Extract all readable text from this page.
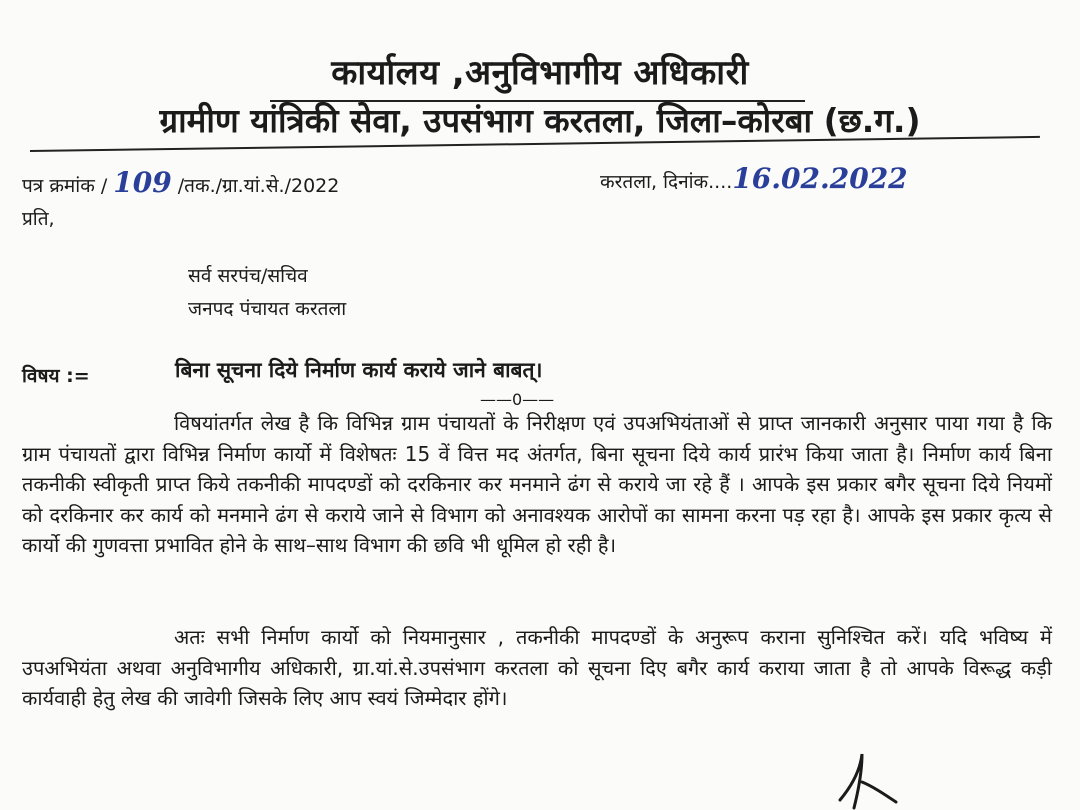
कार्यालय ,अनुविभागीय अधिकारी
ग्रामीण यांत्रिकी सेवा, उपसंभाग करतला, जिला–कोरबा (छ.ग.)
पत्र क्रमांक / 109 /तक./ग्रा.यां.से./2022	करतला, दिनांक....16.02.2022
प्रति,
सर्व सरपंच/सचिव
जनपद पंचायत करतला
विषय :=	बिना सूचना दिये निर्माण कार्य कराये जाने बाबत्।
——0——
विषयांतर्गत लेख है कि विभिन्न ग्राम पंचायतों के निरीक्षण एवं उपअभियंताओं से प्राप्त जानकारी अनुसार पाया गया है कि ग्राम पंचायतों द्वारा विभिन्न निर्माण कार्यो में विशेषतः 15 वें वित्त मद अंतर्गत, बिना सूचना दिये कार्य प्रारंभ किया जाता है। निर्माण कार्य बिना तकनीकी स्वीकृती प्राप्त किये तकनीकी मापदण्डों को दरकिनार कर मनमाने ढंग से कराये जा रहे हैं । आपके इस प्रकार बगैर सूचना दिये नियमों को दरकिनार कर कार्य को मनमाने ढंग से कराये जाने से विभाग को अनावश्यक आरोपों का सामना करना पड़ रहा है। आपके इस प्रकार कृत्य से कार्यो की गुणवत्ता प्रभावित होने के साथ–साथ विभाग की छवि भी धूमिल हो रही है।
अतः सभी निर्माण कार्यो को नियमानुसार , तकनीकी मापदण्डों के अनुरूप कराना सुनिश्चित करें। यदि भविष्य में उपअभियंता अथवा अनुविभागीय अधिकारी, ग्रा.यां.से.उपसंभाग करतला को सूचना दिए बगैर कार्य कराया जाता है तो आपके विरूद्ध कड़ी कार्यवाही हेतु लेख की जावेगी जिसके लिए आप स्वयं जिम्मेदार होंगे।
